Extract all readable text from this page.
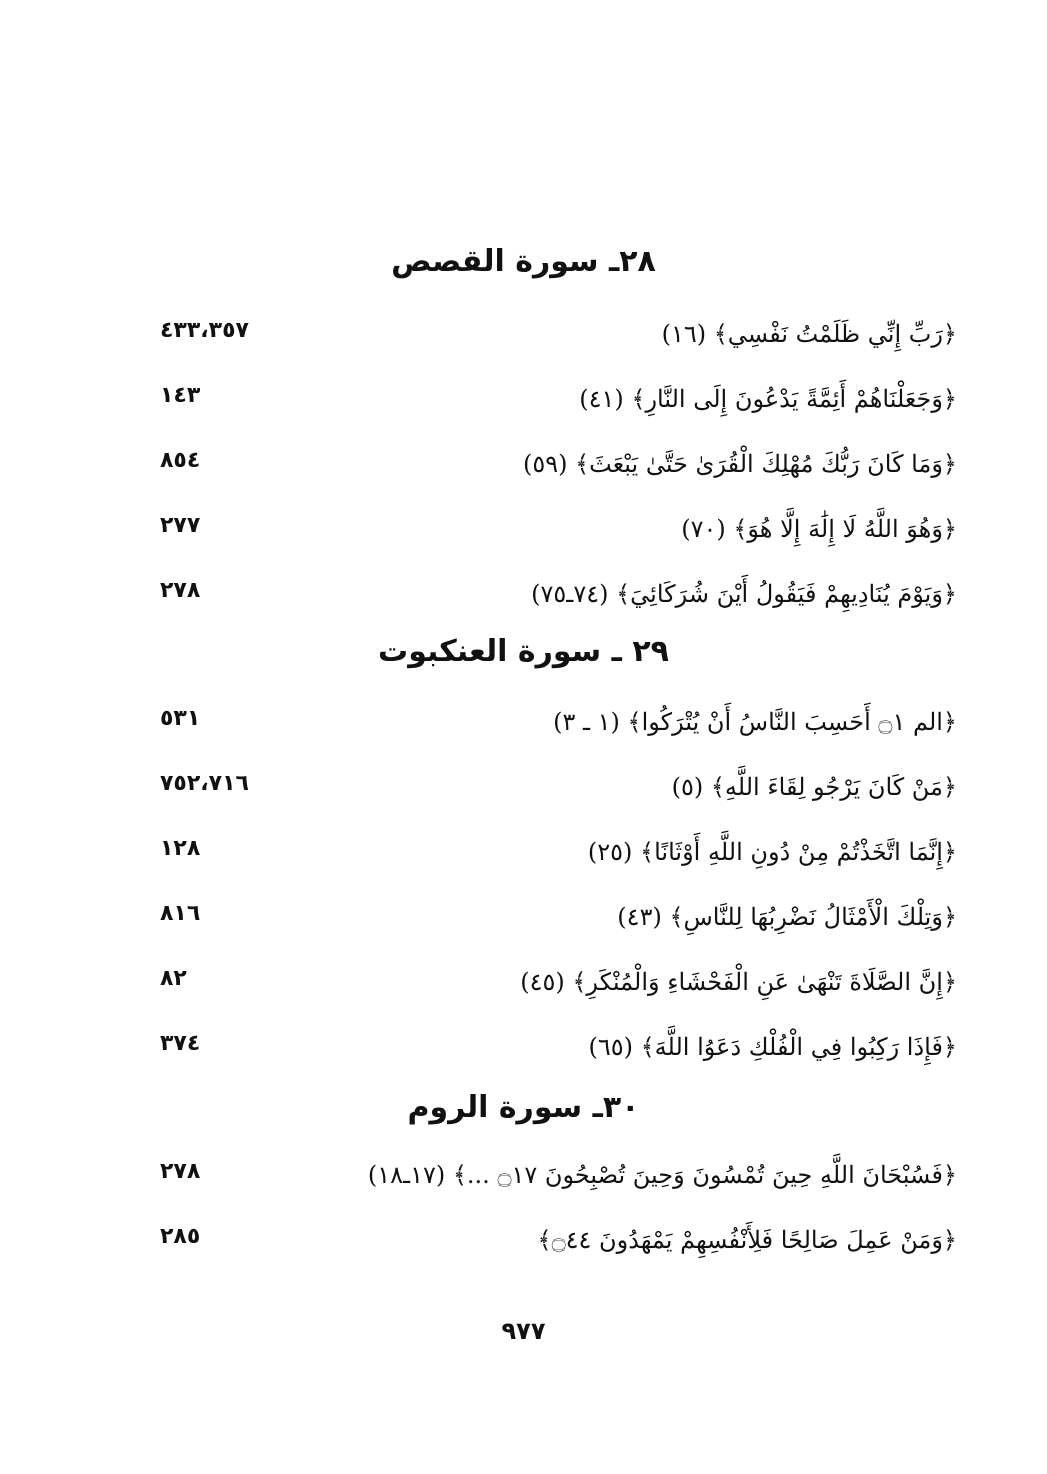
٢٨ـ سورة القصص
﴿رَبِّ إِنِّي ظَلَمْتُ نَفْسِي﴾ (١٦)
٤٣٣،٣٥٧
﴿وَجَعَلْنَاهُمْ أَئِمَّةً يَدْعُونَ إِلَى النَّارِ﴾ (٤١)
١٤٣
﴿وَمَا كَانَ رَبُّكَ مُهْلِكَ الْقُرَىٰ حَتَّىٰ يَبْعَثَ﴾ (٥٩)
٨٥٤
﴿وَهُوَ اللَّهُ لَا إِلَٰهَ إِلَّا هُوَ﴾ (٧٠)
٢٧٧
﴿وَيَوْمَ يُنَادِيهِمْ فَيَقُولُ أَيْنَ شُرَكَائِيَ﴾ (٧٤ـ٧٥)
٢٧٨
٢٩ ـ سورة العنكبوت
﴿الم ۝١ أَحَسِبَ النَّاسُ أَنْ يُتْرَكُوا﴾ (١ ـ ٣)
٥٣١
﴿مَنْ كَانَ يَرْجُو لِقَاءَ اللَّهِ﴾ (٥)
٧٥٢،٧١٦
﴿إِنَّمَا اتَّخَذْتُمْ مِنْ دُونِ اللَّهِ أَوْثَانًا﴾ (٢٥)
١٢٨
﴿وَتِلْكَ الْأَمْثَالُ نَضْرِبُهَا لِلنَّاسِ﴾ (٤٣)
٨١٦
﴿إِنَّ الصَّلَاةَ تَنْهَىٰ عَنِ الْفَحْشَاءِ وَالْمُنْكَرِ﴾ (٤٥)
٨٢
﴿فَإِذَا رَكِبُوا فِي الْفُلْكِ دَعَوُا اللَّهَ﴾ (٦٥)
٣٧٤
٣٠ـ سورة الروم
﴿فَسُبْحَانَ اللَّهِ حِينَ تُمْسُونَ وَحِينَ تُصْبِحُونَ ۝١٧ ...﴾ (١٧ـ١٨)
٢٧٨
﴿وَمَنْ عَمِلَ صَالِحًا فَلِأَنْفُسِهِمْ يَمْهَدُونَ ۝٤٤﴾
٢٨٥
٩٧٧
